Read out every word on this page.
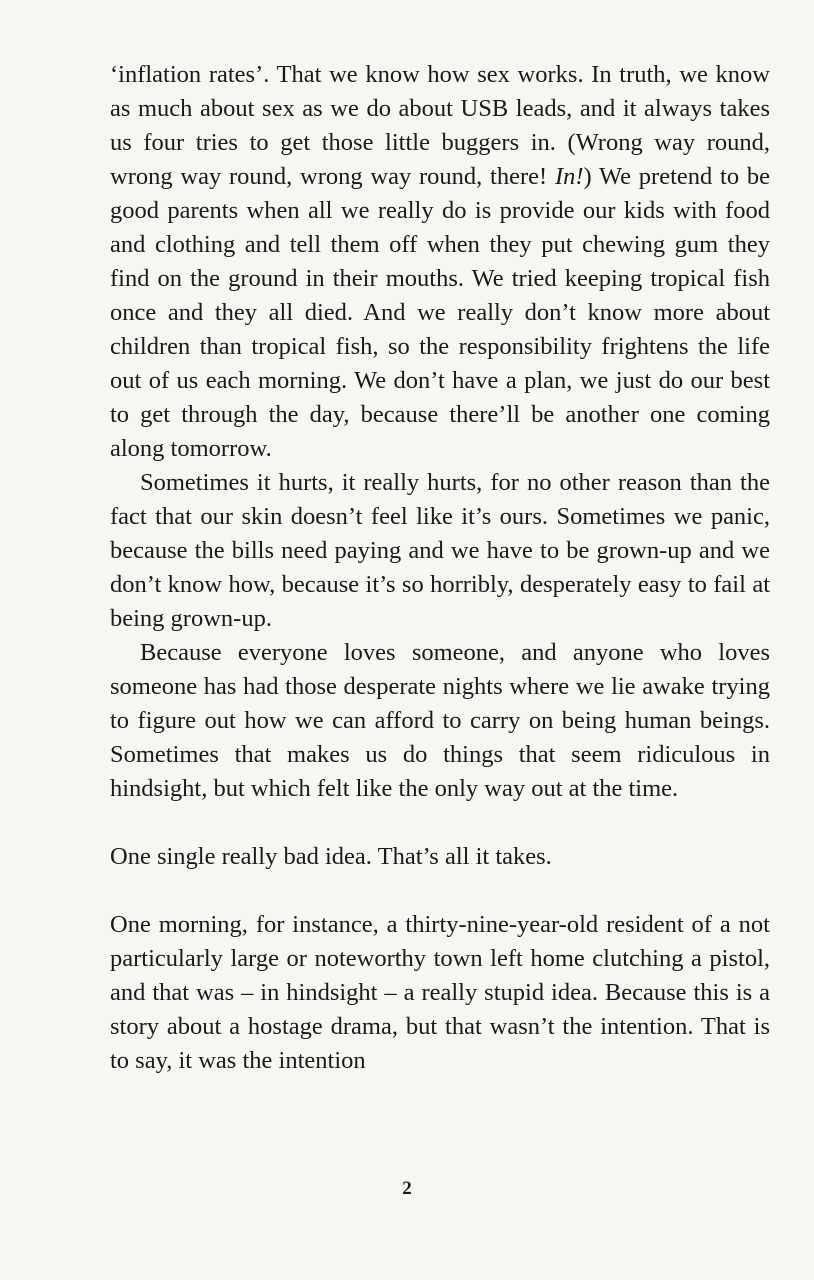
‘inflation rates’. That we know how sex works. In truth, we know as much about sex as we do about USB leads, and it always takes us four tries to get those little buggers in. (Wrong way round, wrong way round, wrong way round, there! In!) We pretend to be good parents when all we really do is provide our kids with food and clothing and tell them off when they put chewing gum they find on the ground in their mouths. We tried keeping tropical fish once and they all died. And we really don’t know more about children than tropical fish, so the responsibility frightens the life out of us each morning. We don’t have a plan, we just do our best to get through the day, because there’ll be another one coming along tomorrow.

Sometimes it hurts, it really hurts, for no other reason than the fact that our skin doesn’t feel like it’s ours. Sometimes we panic, because the bills need paying and we have to be grown-up and we don’t know how, because it’s so horribly, desperately easy to fail at being grown-up.

Because everyone loves someone, and anyone who loves someone has had those desperate nights where we lie awake trying to figure out how we can afford to carry on being human beings. Sometimes that makes us do things that seem ridiculous in hindsight, but which felt like the only way out at the time.

One single really bad idea. That’s all it takes.

One morning, for instance, a thirty-nine-year-old resident of a not particularly large or noteworthy town left home clutching a pistol, and that was – in hindsight – a really stupid idea. Because this is a story about a hostage drama, but that wasn’t the intention. That is to say, it was the intention

2
